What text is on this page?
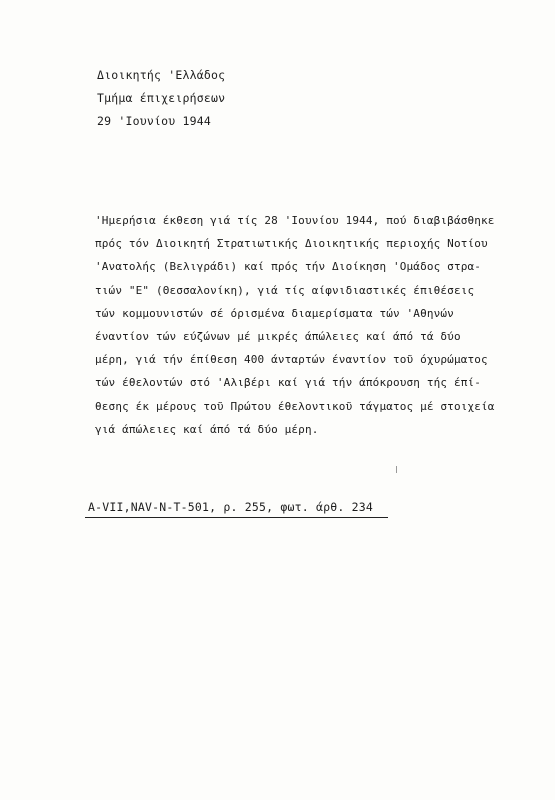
Διοικητής 'Ελλάδος
Τμήμα έπιχειρήσεων
29 'Ιουνίου 1944
'Ημερήσια έκθεση γιά τίς 28 'Ιουνίου 1944, πού διαβιβάσθηκε
πρός τόν Διοικητή Στρατιωτικής Διοικητικής περιοχής Νοτίου
'Ανατολής (Βελιγράδι) καί πρός τήν Διοίκηση 'Ομάδος στρα-
τιών "Ε" (Θεσσαλονίκη), γιά τίς αίφνιδιαστικές έπιθέσεις
τών κομμουνιστών σέ όρισμένα διαμερίσματα τών 'Αθηνών
έναντίον τών εύζώνων μέ μικρές άπώλειες καί άπό τά δύο
μέρη, γιά τήν έπίθεση 400 άνταρτών έναντίον τοῦ όχυρώματος
τών έθελοντών στό 'Αλιβέρι καί γιά τήν άπόκρουση τής έπί-
θεσης έκ μέρους τοῦ Πρώτου έθελοντικοῦ τάγματος μέ στοιχεία
γιά άπώλειες καί άπό τά δύο μέρη.
A-VII,NAV-N-T-501, ρ. 255, φωτ. άρθ. 234
